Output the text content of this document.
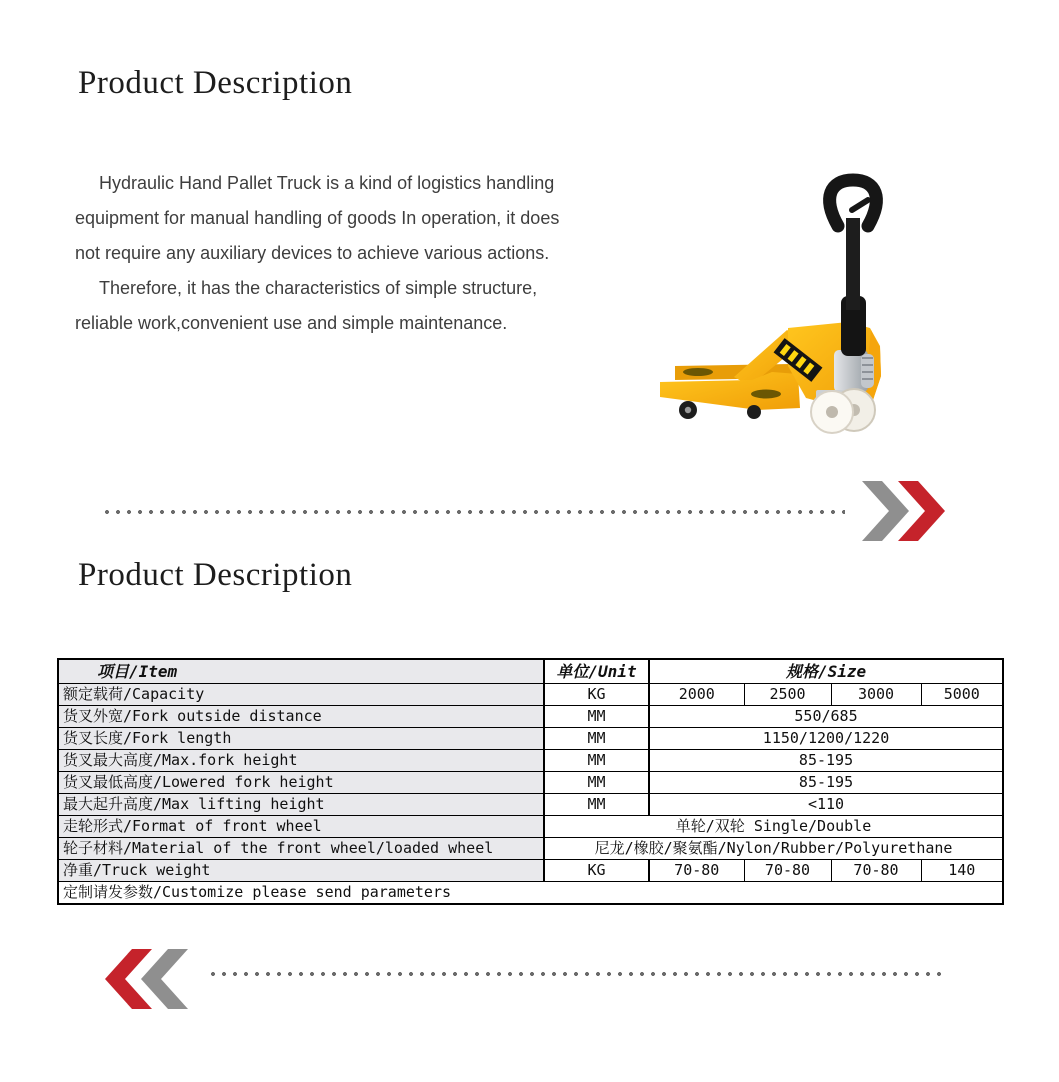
Product Description

Hydraulic Hand Pallet Truck is a kind of logistics handling equipment for manual handling of goods In operation, it does not require any auxiliary devices to achieve various actions.

Therefore, it has the characteristics of simple structure, reliable work,convenient use and simple maintenance.

Product Description
项目/Item	单位/Unit	规格/Size			
额定载荷/Capacity	KG	2000	2500	3000	5000
货叉外宽/Fork outside distance	MM	550/685			
货叉长度/Fork length	MM	1150/1200/1220			
货叉最大高度/Max.fork height	MM	85-195			
货叉最低高度/Lowered fork height	MM	85-195			
最大起升高度/Max lifting height	MM	<110			
走轮形式/Format of front wheel	单轮/双轮 Single/Double				
轮子材料/Material of the front wheel/loaded wheel	尼龙/橡胶/聚氨酯/Nylon/Rubber/Polyurethane				
净重/Truck weight	KG	70-80	70-80	70-80	140
定制请发参数/Customize please send parameters					
